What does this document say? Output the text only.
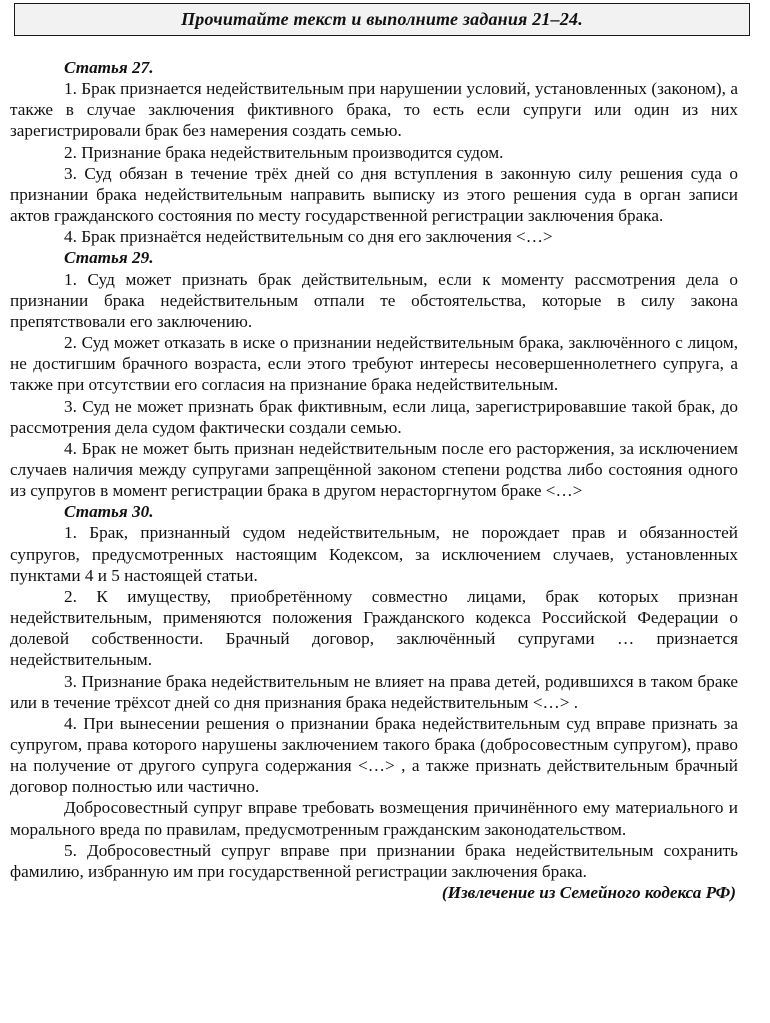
Прочитайте текст и выполните задания 21–24.
Статья 27.

1. Брак признается недействительным при нарушении условий, установленных (законом), а также в случае заключения фиктивного брака, то есть если супруги или один из них зарегистрировали брак без намерения создать семью.

2. Признание брака недействительным производится судом.

3. Суд обязан в течение трёх дней со дня вступления в законную силу решения суда о признании брака недействительным направить выписку из этого решения суда в орган записи актов гражданского состояния по месту государственной регистрации заключения брака.

4. Брак признаётся недействительным со дня его заключения <…>

Статья 29.

1. Суд может признать брак действительным, если к моменту рассмотрения дела о признании брака недействительным отпали те обстоятельства, которые в силу закона препятствовали его заключению.

2. Суд может отказать в иске о признании недействительным брака, заключённого с лицом, не достигшим брачного возраста, если этого требуют интересы несовершеннолетнего супруга, а также при отсутствии его согласия на признание брака недействительным.

3. Суд не может признать брак фиктивным, если лица, зарегистрировавшие такой брак, до рассмотрения дела судом фактически создали семью.

4. Брак не может быть признан недействительным после его расторжения, за исключением случаев наличия между супругами запрещённой законом степени родства либо состояния одного из супругов в момент регистрации брака в другом нерасторгнутом браке <…>

Статья 30.

1. Брак, признанный судом недействительным, не порождает прав и обязанностей супругов, предусмотренных настоящим Кодексом, за исключением случаев, установленных пунктами 4 и 5 настоящей статьи.

2. К имуществу, приобретённому совместно лицами, брак которых признан недействительным, применяются положения Гражданского кодекса Российской Федерации о долевой собственности. Брачный договор, заключённый супругами … признается недействительным.

3. Признание брака недействительным не влияет на права детей, родившихся в таком браке или в течение трёхсот дней со дня признания брака недействительным <…> .

4. При вынесении решения о признании брака недействительным суд вправе признать за супругом, права которого нарушены заключением такого брака (добросовестным супругом), право на получение от другого супруга содержания <…> , а также признать действительным брачный договор полностью или частично.

Добросовестный супруг вправе требовать возмещения причинённого ему материального и морального вреда по правилам, предусмотренным гражданским законодательством.

5. Добросовестный супруг вправе при признании брака недействительным сохранить фамилию, избранную им при государственной регистрации заключения брака.

(Извлечение из Семейного кодекса РФ)
